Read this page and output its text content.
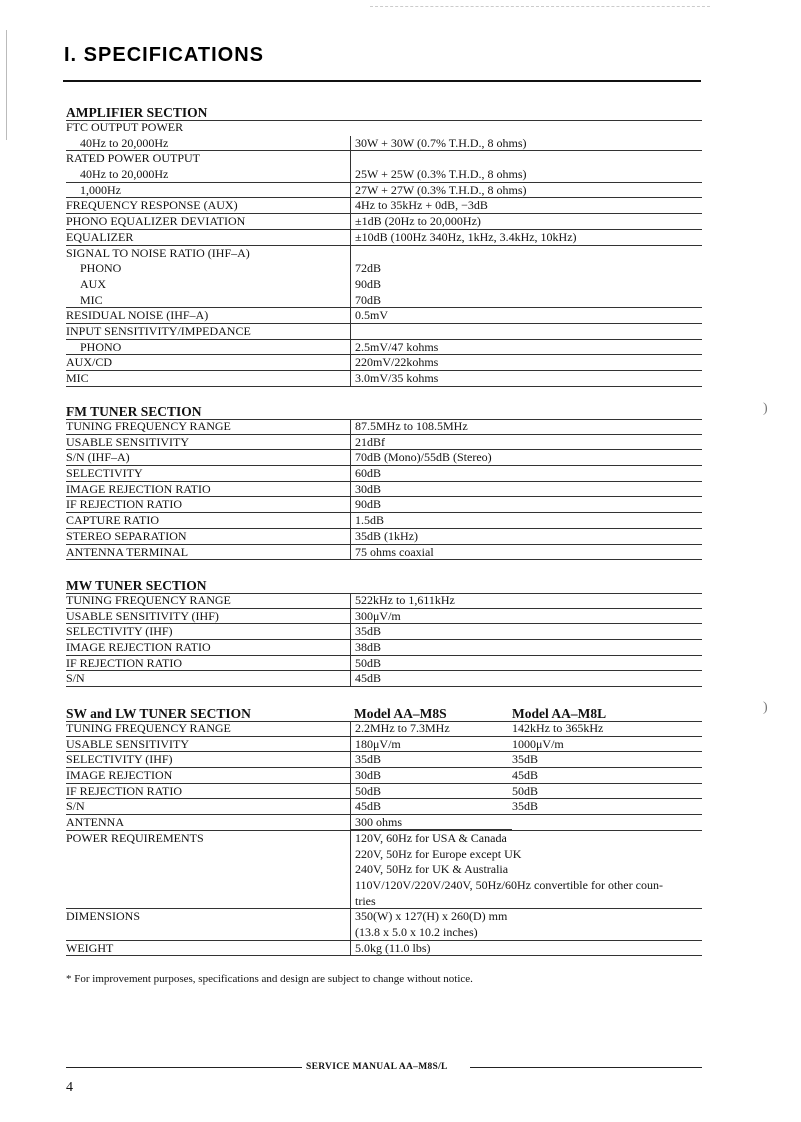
I. SPECIFICATIONS
AMPLIFIER SECTION
FTC OUTPUT POWER
40Hz to 20,000Hz	30W + 30W (0.7% T.H.D., 8 ohms)
RATED POWER OUTPUT
40Hz to 20,000Hz	25W + 25W (0.3% T.H.D., 8 ohms)
1,000Hz	27W + 27W (0.3% T.H.D., 8 ohms)
FREQUENCY RESPONSE (AUX)	4Hz to 35kHz + 0dB, −3dB
PHONO EQUALIZER DEVIATION	±1dB (20Hz to 20,000Hz)
EQUALIZER	±10dB (100Hz 340Hz, 1kHz, 3.4kHz, 10kHz)
SIGNAL TO NOISE RATIO (IHF–A)
PHONO	72dB
AUX	90dB
MIC	70dB
RESIDUAL NOISE (IHF–A)	0.5mV
INPUT SENSITIVITY/IMPEDANCE
PHONO	2.5mV/47 kohms
AUX/CD	220mV/22kohms
MIC	3.0mV/35 kohms
FM TUNER SECTION
TUNING FREQUENCY RANGE	87.5MHz to 108.5MHz
USABLE SENSITIVITY	21dBf
S/N (IHF–A)	70dB (Mono)/55dB (Stereo)
SELECTIVITY	60dB
IMAGE REJECTION RATIO	30dB
IF REJECTION RATIO	90dB
CAPTURE RATIO	1.5dB
STEREO SEPARATION	35dB (1kHz)
ANTENNA TERMINAL	75 ohms coaxial
MW TUNER SECTION
TUNING FREQUENCY RANGE	522kHz to 1,611kHz
USABLE SENSITIVITY (IHF)	300μV/m
SELECTIVITY (IHF)	35dB
IMAGE REJECTION RATIO	38dB
IF REJECTION RATIO	50dB
S/N	45dB
SW and LW TUNER SECTION	Model AA–M8S	Model AA–M8L
TUNING FREQUENCY RANGE	2.2MHz to 7.3MHz	142kHz to 365kHz
USABLE SENSITIVITY	180μV/m	1000μV/m
SELECTIVITY (IHF)	35dB	35dB
IMAGE REJECTION	30dB	45dB
IF REJECTION RATIO	50dB	50dB
S/N	45dB	35dB
ANTENNA	300 ohms
POWER REQUIREMENTS	120V, 60Hz for USA & Canada
220V, 50Hz for Europe except UK
240V, 50Hz for UK & Australia
110V/120V/220V/240V, 50Hz/60Hz convertible for other coun-
tries
DIMENSIONS	350(W) x 127(H) x 260(D) mm
(13.8 x 5.0 x 10.2 inches)
WEIGHT	5.0kg (11.0 lbs)
* For improvement purposes, specifications and design are subject to change without notice.
)
)
SERVICE MANUAL AA–M8S/L
4
